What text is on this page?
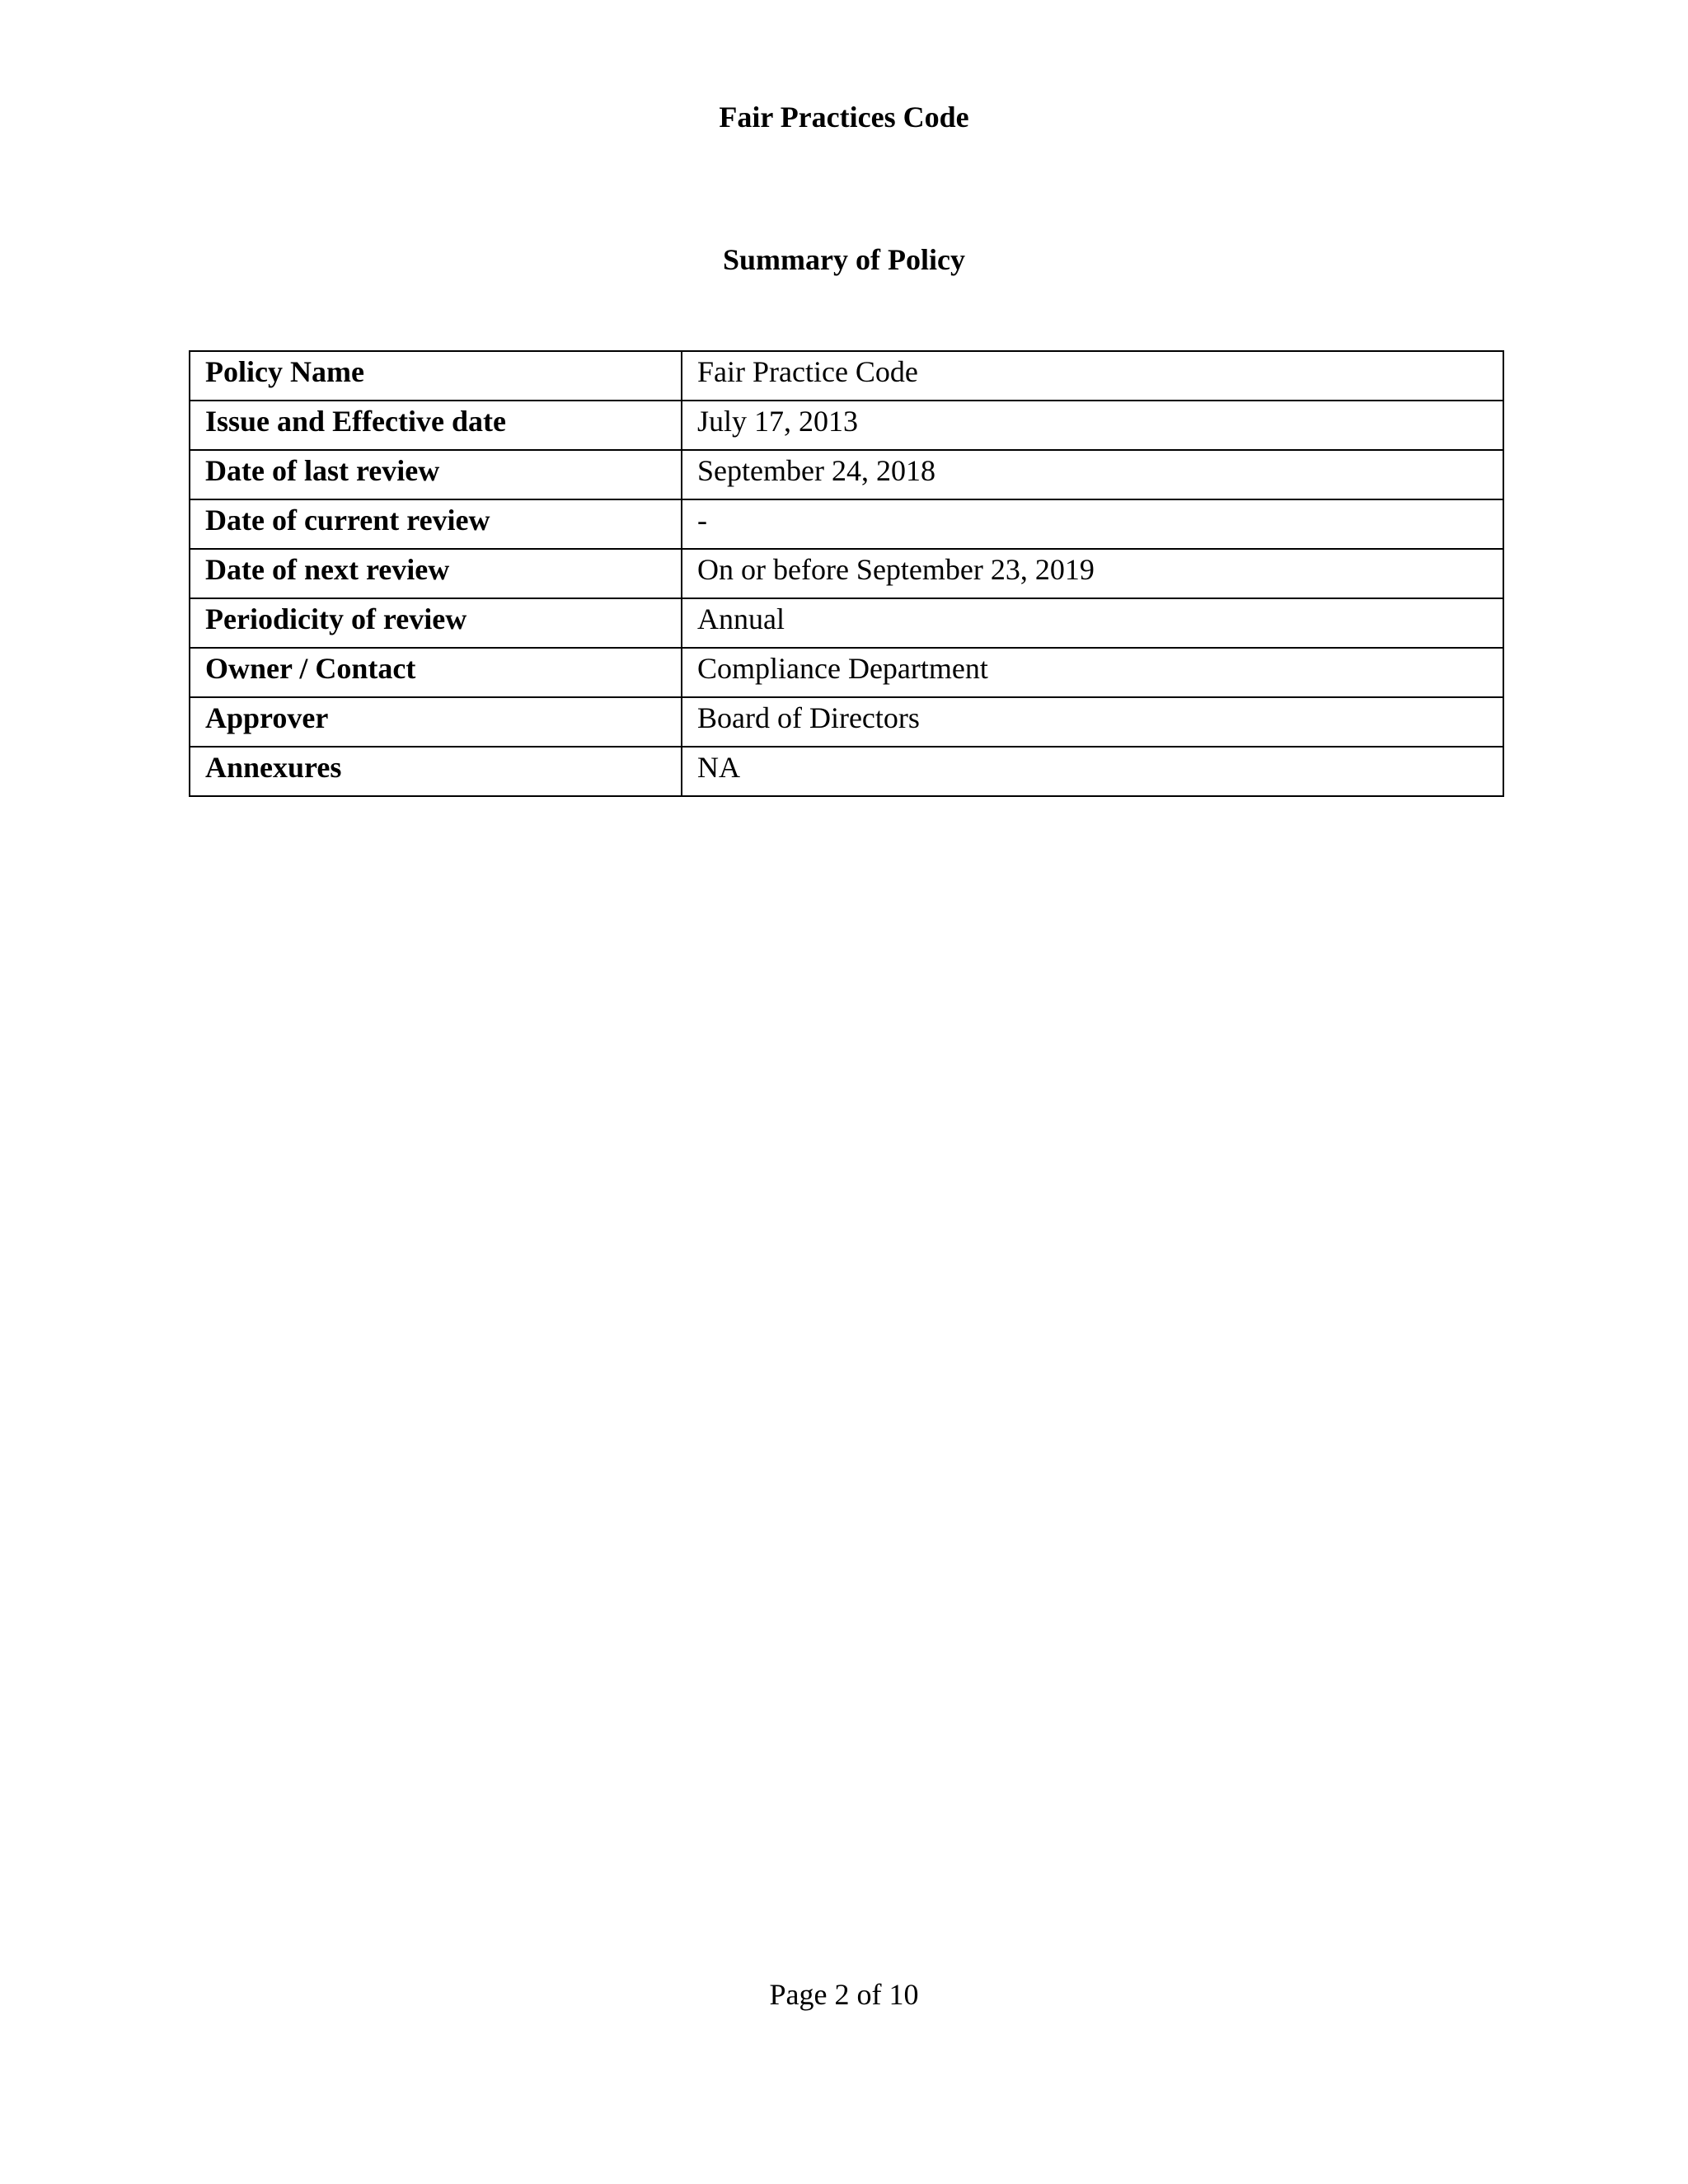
Fair Practices Code
Summary of Policy
Policy Name	Fair Practice Code
Issue and Effective date	July 17, 2013
Date of last review	September 24, 2018
Date of current review	-
Date of next review	On or before September 23, 2019
Periodicity of review	Annual
Owner / Contact	Compliance Department
Approver	Board of Directors
Annexures	NA
Page 2 of 10
